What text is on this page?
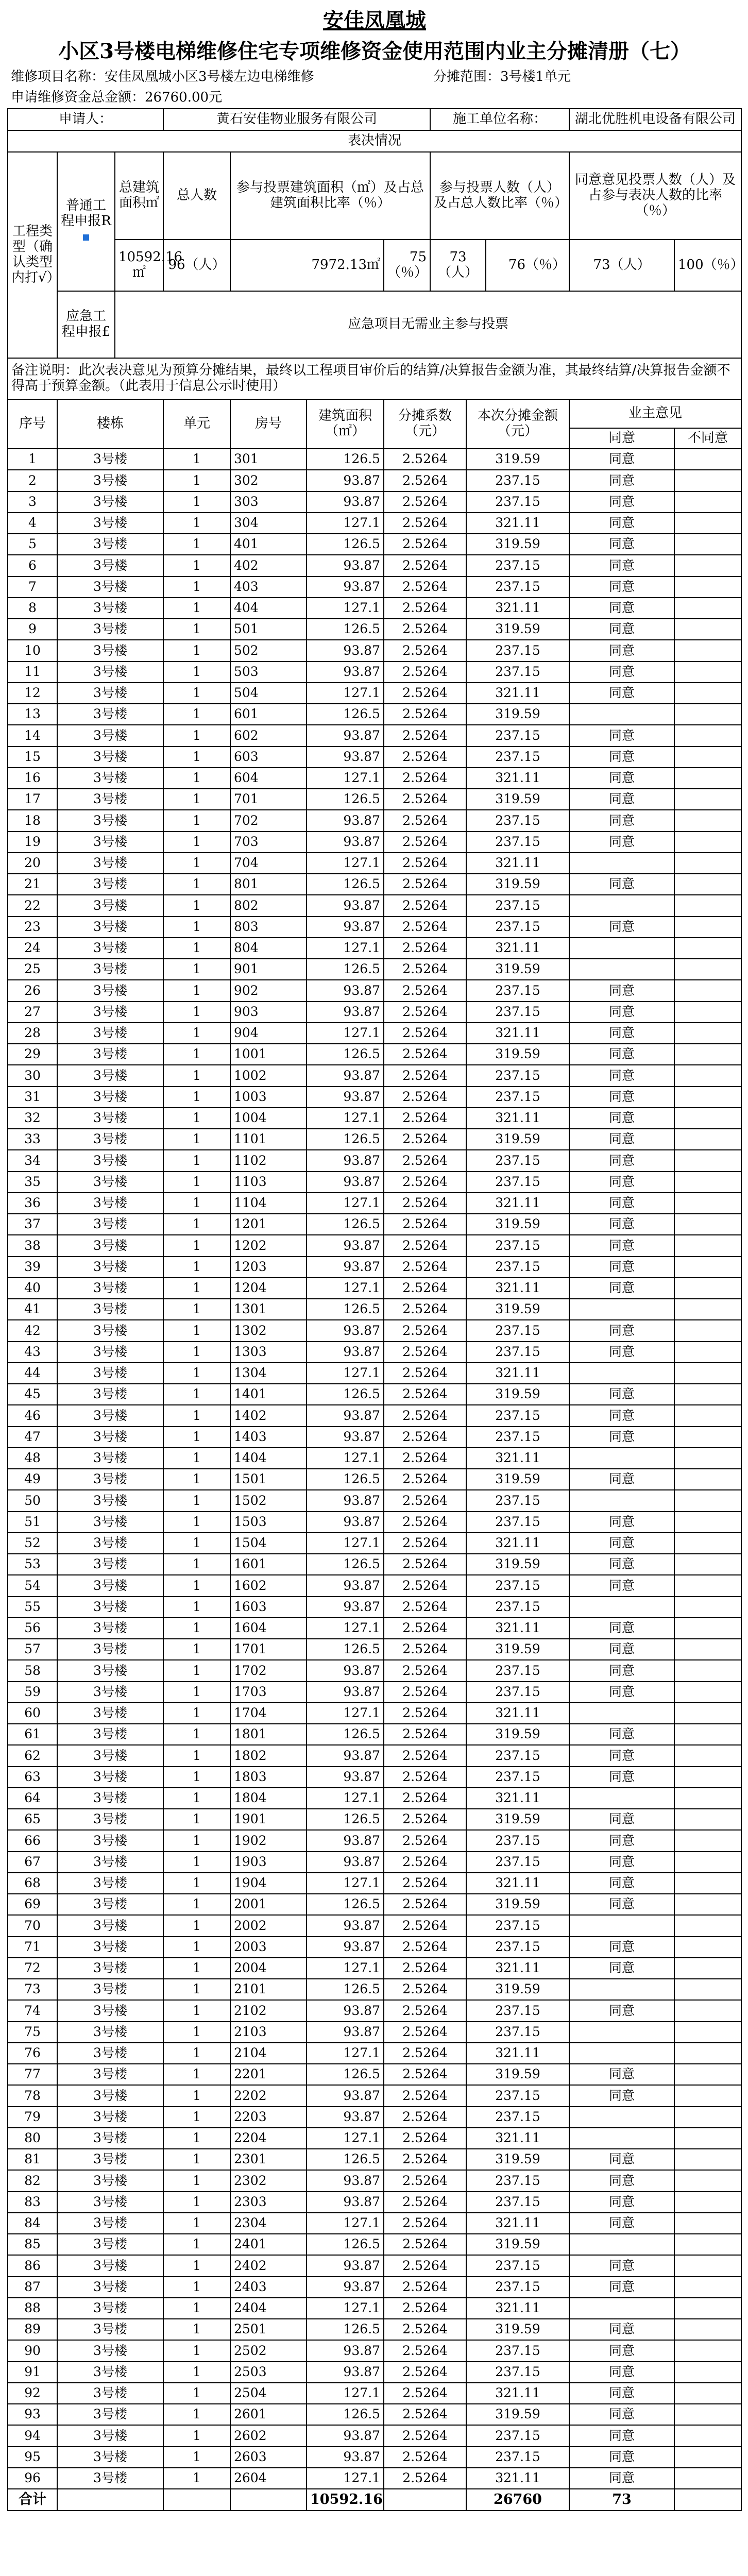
安佳凤凰城小区3号楼电梯维修住宅专项维修资金使用范围内业主分摊清册（七）											
维修项目名称：安佳凤凰城小区3号楼左边电梯维修							分摊范围：3号楼1单元				
申请维修资金总金额：26760.00元											
申请人：			黄石安佳物业服务有限公司				施工单位名称：			湖北优胜机电设备有限公司	
表决情况											
工程类型（确认类型内打√）	普通工程申报R	总建筑面积㎡	总人数	参与投票建筑面积（㎡）及占总建筑面积比率（％）			参与投票人数（人）及占总人数比率（％）			同意意见投票人数（人）及占参与表决人数的比率（％）	
		10592.16㎡	96（人）	7972.13㎡		75（％）	73（人）		76（％）	73（人）	100（％）
	应急工程申报£	应急项目无需业主参与投票									
备注说明：此次表决意见为预算分摊结果，最终以工程项目审价后的结算/决算报告金额为准，其最终结算/决算报告金额不得高于预算金额。（此表用于信息公示时使用）											
序号	楼栋		单元	房号	建筑面积（㎡）	分摊系数（元）		本次分摊金额（元）		业主意见	
										同意	不同意
1	3号楼		1	301	126.5	2.5264		319.59		同意	
2	3号楼		1	302	93.87	2.5264		237.15		同意	
3	3号楼		1	303	93.87	2.5264		237.15		同意	
4	3号楼		1	304	127.1	2.5264		321.11		同意	
5	3号楼		1	401	126.5	2.5264		319.59		同意	
6	3号楼		1	402	93.87	2.5264		237.15		同意	
7	3号楼		1	403	93.87	2.5264		237.15		同意	
8	3号楼		1	404	127.1	2.5264		321.11		同意	
9	3号楼		1	501	126.5	2.5264		319.59		同意	
10	3号楼		1	502	93.87	2.5264		237.15		同意	
11	3号楼		1	503	93.87	2.5264		237.15		同意	
12	3号楼		1	504	127.1	2.5264		321.11		同意	
13	3号楼		1	601	126.5	2.5264		319.59			
14	3号楼		1	602	93.87	2.5264		237.15		同意	
15	3号楼		1	603	93.87	2.5264		237.15		同意	
16	3号楼		1	604	127.1	2.5264		321.11		同意	
17	3号楼		1	701	126.5	2.5264		319.59		同意	
18	3号楼		1	702	93.87	2.5264		237.15		同意	
19	3号楼		1	703	93.87	2.5264		237.15		同意	
20	3号楼		1	704	127.1	2.5264		321.11			
21	3号楼		1	801	126.5	2.5264		319.59		同意	
22	3号楼		1	802	93.87	2.5264		237.15			
23	3号楼		1	803	93.87	2.5264		237.15		同意	
24	3号楼		1	804	127.1	2.5264		321.11			
25	3号楼		1	901	126.5	2.5264		319.59			
26	3号楼		1	902	93.87	2.5264		237.15		同意	
27	3号楼		1	903	93.87	2.5264		237.15		同意	
28	3号楼		1	904	127.1	2.5264		321.11		同意	
29	3号楼		1	1001	126.5	2.5264		319.59		同意	
30	3号楼		1	1002	93.87	2.5264		237.15		同意	
31	3号楼		1	1003	93.87	2.5264		237.15		同意	
32	3号楼		1	1004	127.1	2.5264		321.11		同意	
33	3号楼		1	1101	126.5	2.5264		319.59		同意	
34	3号楼		1	1102	93.87	2.5264		237.15		同意	
35	3号楼		1	1103	93.87	2.5264		237.15		同意	
36	3号楼		1	1104	127.1	2.5264		321.11		同意	
37	3号楼		1	1201	126.5	2.5264		319.59		同意	
38	3号楼		1	1202	93.87	2.5264		237.15		同意	
39	3号楼		1	1203	93.87	2.5264		237.15		同意	
40	3号楼		1	1204	127.1	2.5264		321.11		同意	
41	3号楼		1	1301	126.5	2.5264		319.59			
42	3号楼		1	1302	93.87	2.5264		237.15		同意	
43	3号楼		1	1303	93.87	2.5264		237.15		同意	
44	3号楼		1	1304	127.1	2.5264		321.11			
45	3号楼		1	1401	126.5	2.5264		319.59		同意	
46	3号楼		1	1402	93.87	2.5264		237.15		同意	
47	3号楼		1	1403	93.87	2.5264		237.15		同意	
48	3号楼		1	1404	127.1	2.5264		321.11			
49	3号楼		1	1501	126.5	2.5264		319.59		同意	
50	3号楼		1	1502	93.87	2.5264		237.15			
51	3号楼		1	1503	93.87	2.5264		237.15		同意	
52	3号楼		1	1504	127.1	2.5264		321.11		同意	
53	3号楼		1	1601	126.5	2.5264		319.59		同意	
54	3号楼		1	1602	93.87	2.5264		237.15		同意	
55	3号楼		1	1603	93.87	2.5264		237.15			
56	3号楼		1	1604	127.1	2.5264		321.11		同意	
57	3号楼		1	1701	126.5	2.5264		319.59		同意	
58	3号楼		1	1702	93.87	2.5264		237.15		同意	
59	3号楼		1	1703	93.87	2.5264		237.15		同意	
60	3号楼		1	1704	127.1	2.5264		321.11			
61	3号楼		1	1801	126.5	2.5264		319.59		同意	
62	3号楼		1	1802	93.87	2.5264		237.15		同意	
63	3号楼		1	1803	93.87	2.5264		237.15		同意	
64	3号楼		1	1804	127.1	2.5264		321.11			
65	3号楼		1	1901	126.5	2.5264		319.59		同意	
66	3号楼		1	1902	93.87	2.5264		237.15		同意	
67	3号楼		1	1903	93.87	2.5264		237.15		同意	
68	3号楼		1	1904	127.1	2.5264		321.11		同意	
69	3号楼		1	2001	126.5	2.5264		319.59		同意	
70	3号楼		1	2002	93.87	2.5264		237.15			
71	3号楼		1	2003	93.87	2.5264		237.15		同意	
72	3号楼		1	2004	127.1	2.5264		321.11		同意	
73	3号楼		1	2101	126.5	2.5264		319.59			
74	3号楼		1	2102	93.87	2.5264		237.15		同意	
75	3号楼		1	2103	93.87	2.5264		237.15			
76	3号楼		1	2104	127.1	2.5264		321.11			
77	3号楼		1	2201	126.5	2.5264		319.59		同意	
78	3号楼		1	2202	93.87	2.5264		237.15		同意	
79	3号楼		1	2203	93.87	2.5264		237.15			
80	3号楼		1	2204	127.1	2.5264		321.11			
81	3号楼		1	2301	126.5	2.5264		319.59		同意	
82	3号楼		1	2302	93.87	2.5264		237.15		同意	
83	3号楼		1	2303	93.87	2.5264		237.15		同意	
84	3号楼		1	2304	127.1	2.5264		321.11		同意	
85	3号楼		1	2401	126.5	2.5264		319.59			
86	3号楼		1	2402	93.87	2.5264		237.15		同意	
87	3号楼		1	2403	93.87	2.5264		237.15		同意	
88	3号楼		1	2404	127.1	2.5264		321.11			
89	3号楼		1	2501	126.5	2.5264		319.59		同意	
90	3号楼		1	2502	93.87	2.5264		237.15		同意	
91	3号楼		1	2503	93.87	2.5264		237.15		同意	
92	3号楼		1	2504	127.1	2.5264		321.11		同意	
93	3号楼		1	2601	126.5	2.5264		319.59		同意	
94	3号楼		1	2602	93.87	2.5264		237.15		同意	
95	3号楼		1	2603	93.87	2.5264		237.15		同意	
96	3号楼		1	2604	127.1	2.5264		321.11		同意	
合计					10592.16			26760		73	
